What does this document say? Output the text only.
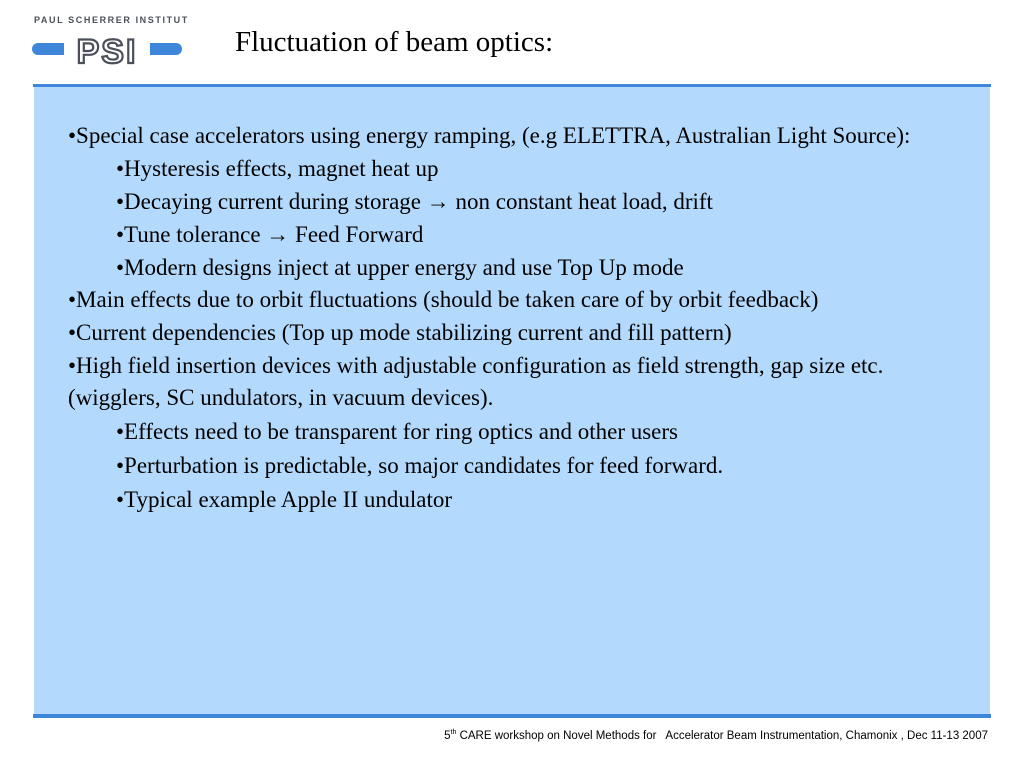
PAUL SCHERRER INSTITUT
PSI	Fluctuation of beam optics:

•Special case accelerators using energy ramping, (e.g ELETTRA, Australian Light Source):

•Hysteresis effects, magnet heat up

•Decaying current during storage → non constant heat load, drift

•Tune tolerance → Feed Forward

•Modern designs inject at upper energy and use Top Up mode

•Main effects due to orbit fluctuations (should be taken care of by orbit feedback)

•Current dependencies (Top up mode stabilizing current and fill pattern)

•High field insertion devices with adjustable configuration as field strength, gap size etc. (wigglers, SC undulators, in vacuum devices).

•Effects need to be transparent for ring optics and other users

•Perturbation is predictable, so major candidates for feed forward.

•Typical example Apple II undulator

5th CARE workshop on Novel Methods for   Accelerator Beam Instrumentation, Chamonix , Dec 11-13 2007
